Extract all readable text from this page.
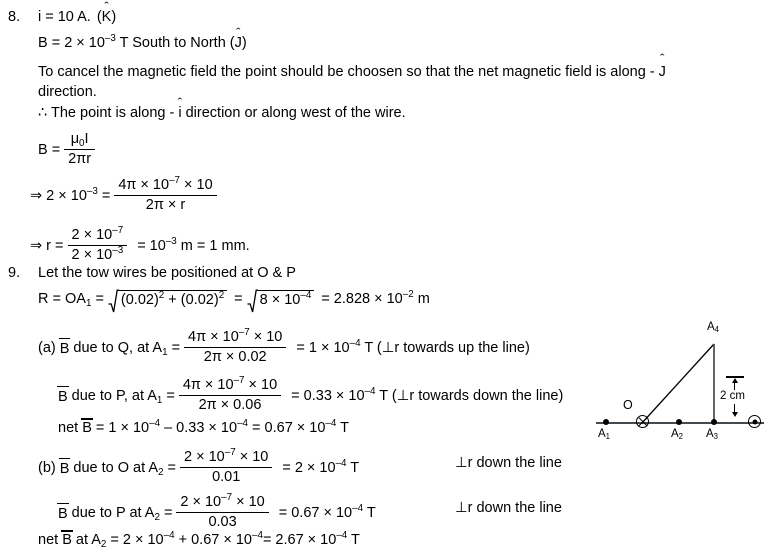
8. i = 10 A. (ˆ K)
$B = 2 \times 10^{-3}$ T South to North (ˆ J)
To cancel the magnetic field the point should be choosen so that the net magnetic field is along - ˆ J
direction.
∴ The point is along - ˆ i direction or along west of the wire.
$B = \frac{\mu_0I}{2\pi r}$
⇒ $2 \times 10^{-3} = \frac{4\pi \times 10^{-7} \times 10}{2\pi \times r}$
⇒ $r = \frac{2 \times 10^{-7}}{2 \times 10^{-3}} = 10^{-3}$ m = 1 mm.
9. Let the tow wires be positioned at O & P
$R = OA_1$ =	$(0.02)^2 + (0.02)^2$ =	$8 \times 10^{-4} = 2.828 \times 10^{-2}$ m
(a) B due to Q, at $A_1 = \frac{4\pi \times 10^{-7} \times 10}{2\pi \times 0.02} = 1 \times 10^{-4}$ T (⊥r towards up the line)
B due to P, at $A_1 = \frac{4\pi \times 10^{-7} \times 10}{2\pi \times 0.06} = 0.33 \times 10^{-4}$ T (⊥r towards down the line)
net $B = 1 \times 10^{-4} - 0.33 \times 10^{-4} = 0.67 \times 10^{-4}$ T
(b) B due to O at $A_2 = \frac{2 \times 10^{-7} \times 10}{0.01} = 2 \times 10^{-4}$ T	⊥r down the line
B due to P at $A_2 = \frac{2 \times 10^{-7} \times 10}{0.03} = 0.67 \times 10^{-4}$ T	⊥r down the line
net B at $A_2 = 2 \times 10^{-4} + 0.67 \times 10^{-4}= 2.67 \times 10^{-4}$ T
$A_1$	$A_2$ $A_3$
$A_4$
O
2 cm
